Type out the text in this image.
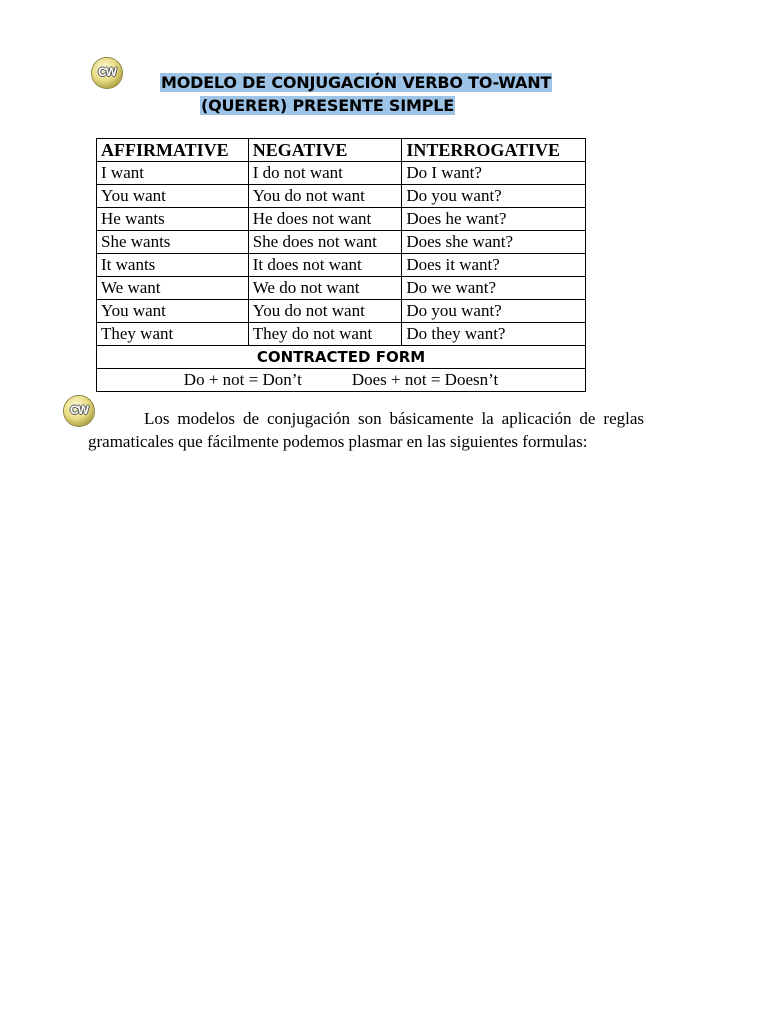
CW
MODELO DE CONJUGACIÓN VERBO TO-WANT
(QUERER) PRESENTE SIMPLE
AFFIRMATIVE	NEGATIVE	INTERROGATIVE
I want	I do not want	Do I want?
You want	You do not want	Do you want?
He wants	He does not want	Does he want?
She wants	She does not want	Does she want?
It wants	It does not want	Does it want?
We want	We do not want	Do we want?
You want	You do not want	Do you want?
They want	They do not want	Do they want?
CONTRACTED FORM		
Do + not = Don’t Does + not = Doesn’t		
CW	Los modelos de conjugación son básicamente la aplicación de reglas gramaticales que fácilmente podemos plasmar en las siguientes formulas:
